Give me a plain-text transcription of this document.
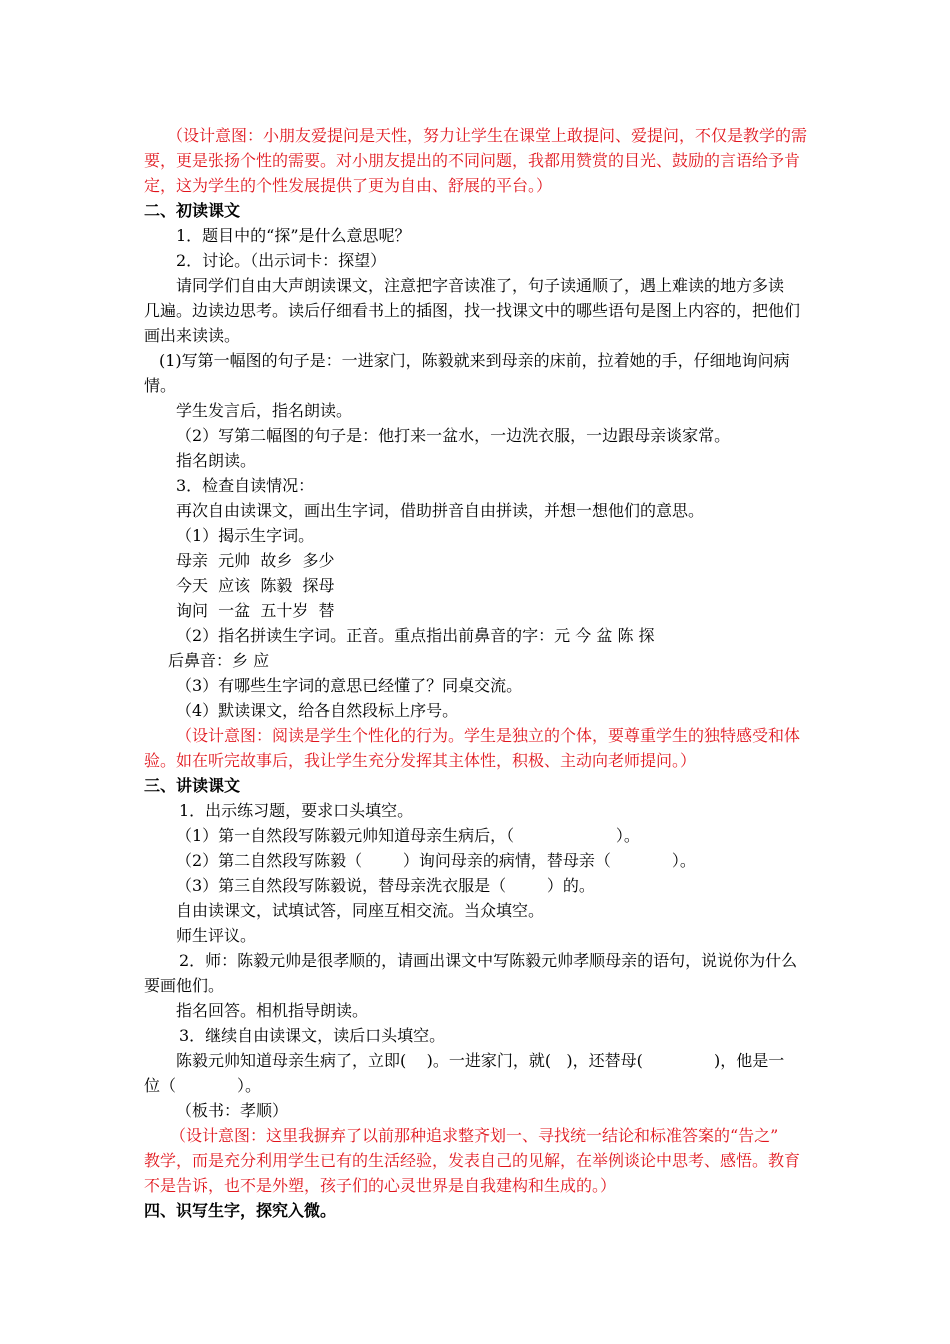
（设计意图：小朋友爱提问是天性，努力让学生在课堂上敢提问、爱提问，不仅是教学的需
要，更是张扬个性的需要。对小朋友提出的不同问题，我都用赞赏的目光、鼓励的言语给予肯
定，这为学生的个性发展提供了更为自由、舒展的平台。）
二、初读课文
1．题目中的“探”是什么意思呢？
2．讨论。（出示词卡：探望）
请同学们自由大声朗读课文，注意把字音读准了，句子读通顺了，遇上难读的地方多读
几遍。边读边思考。读后仔细看书上的插图，找一找课文中的哪些语句是图上内容的，把他们
画出来读读。
(1)写第一幅图的句子是：一进家门，陈毅就来到母亲的床前，拉着她的手，仔细地询问病
情。
学生发言后，指名朗读。
（2）写第二幅图的句子是：他打来一盆水，一边洗衣服，一边跟母亲谈家常。
指名朗读。
3．检查自读情况：
再次自由读课文，画出生字词，借助拼音自由拼读，并想一想他们的意思。
（1）揭示生字词。
母亲  元帅  故乡  多少
今天  应该  陈毅  探母
询问  一盆  五十岁  替
（2）指名拼读生字词。正音。重点指出前鼻音的字：元 今 盆 陈 探
后鼻音：乡 应
（3）有哪些生字词的意思已经懂了？同桌交流。
（4）默读课文，给各自然段标上序号。
（设计意图：阅读是学生个性化的行为。学生是独立的个体，要尊重学生的独特感受和体
验。如在听完故事后，我让学生充分发挥其主体性，积极、主动向老师提问。）
三、讲读课文
1．出示练习题，要求口头填空。
（1）第一自然段写陈毅元帅知道母亲生病后，（                    ）。
（2）第二自然段写陈毅（        ）询问母亲的病情，替母亲（            ）。
（3）第三自然段写陈毅说，替母亲洗衣服是（        ）的。
自由读课文，试填试答，同座互相交流。当众填空。
师生评议。
2．师：陈毅元帅是很孝顺的，请画出课文中写陈毅元帅孝顺母亲的语句，说说你为什么
要画他们。
指名回答。相机指导朗读。
3．继续自由读课文，读后口头填空。
陈毅元帅知道母亲生病了，立即(    )。一进家门，就(   )，还替母(              )，他是一
位（            ）。
（板书：孝顺）
（设计意图：这里我摒弃了以前那种追求整齐划一、寻找统一结论和标准答案的“告之”
教学，而是充分利用学生已有的生活经验，发表自己的见解，在举例谈论中思考、感悟。教育
不是告诉，也不是外塑，孩子们的心灵世界是自我建构和生成的。）
四、识写生字，探究入微。
